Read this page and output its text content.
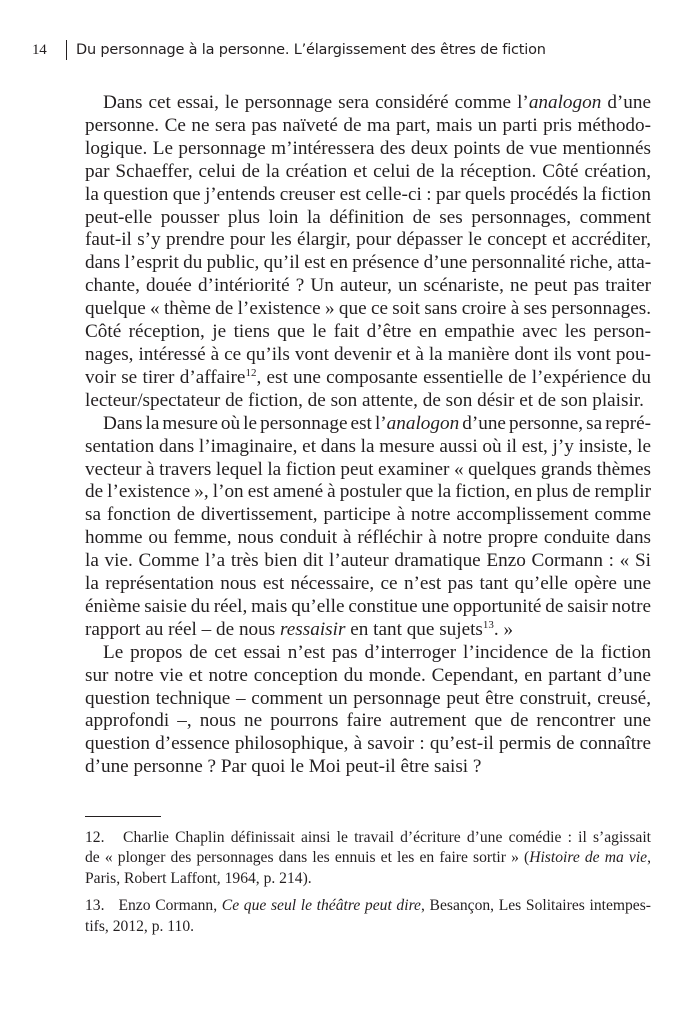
14	Du personnage à la personne. L’élargissement des êtres de fiction
Dans cet essai, le personnage sera considéré comme l’analogon d’une
personne. Ce ne sera pas naïveté de ma part, mais un parti pris méthodo-
logique. Le personnage m’intéressera des deux points de vue mentionnés
par Schaeffer, celui de la création et celui de la réception. Côté création,
la question que j’entends creuser est celle-ci : par quels procédés la fiction
peut-elle pousser plus loin la définition de ses personnages, comment
faut-il s’y prendre pour les élargir, pour dépasser le concept et accréditer,
dans l’esprit du public, qu’il est en présence d’une personnalité riche, atta-
chante, douée d’intériorité ? Un auteur, un scénariste, ne peut pas traiter
quelque « thème de l’existence » que ce soit sans croire à ses personnages.
Côté réception, je tiens que le fait d’être en empathie avec les person-
nages, intéressé à ce qu’ils vont devenir et à la manière dont ils vont pou-
voir se tirer d’affaire$^{12}$, est une composante essentielle de l’expérience du
lecteur/spectateur de fiction, de son attente, de son désir et de son plaisir.
Dans la mesure où le personnage est l’analogon d’une personne, sa repré-
sentation dans l’imaginaire, et dans la mesure aussi où il est, j’y insiste, le
vecteur à travers lequel la fiction peut examiner « quelques grands thèmes
de l’existence », l’on est amené à postuler que la fiction, en plus de remplir
sa fonction de divertissement, participe à notre accomplissement comme
homme ou femme, nous conduit à réfléchir à notre propre conduite dans
la vie. Comme l’a très bien dit l’auteur dramatique Enzo Cormann : « Si
la représentation nous est nécessaire, ce n’est pas tant qu’elle opère une
énième saisie du réel, mais qu’elle constitue une opportunité de saisir notre
rapport au réel – de nous ressaisir en tant que sujets$^{13}$. »
Le propos de cet essai n’est pas d’interroger l’incidence de la fiction
sur notre vie et notre conception du monde. Cependant, en partant d’une
question technique – comment un personnage peut être construit, creusé,
approfondi –, nous ne pourrons faire autrement que de rencontrer une
question d’essence philosophique, à savoir : qu’est-il permis de connaître
d’une personne ? Par quoi le Moi peut-il être saisi ?
12.   Charlie Chaplin définissait ainsi le travail d’écriture d’une comédie : il s’agissait
de « plonger des personnages dans les ennuis et les en faire sortir » (Histoire de ma vie,
Paris, Robert Laffont, 1964, p. 214).
13.   Enzo Cormann, Ce que seul le théâtre peut dire, Besançon, Les Solitaires intempes-
tifs, 2012, p. 110.
